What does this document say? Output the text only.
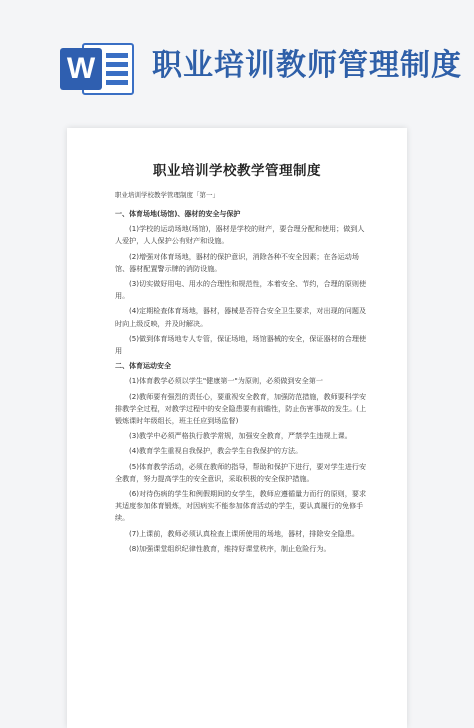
W 职业培训教师管理制度
职业培训学校教学管理制度
职业培训学校教学管理制度「第一」
一、体育场地(场馆)、器材的安全与保护

(1)学校的运动场地(场馆)，器材是学校的财产，要合理分配和使用；做到人人爱护，人人保护公有财产和设施。

(2)增强对体育场地，器材的保护意识，消除各种不安全因素；在各运动场馆、器材配置警示牌的消防设施。

(3)切实做好用电、用水的合理性和规范性，本着安全、节约，合理的原则使用。

(4)定期检查体育场地，器材，器械是否符合安全卫生要求，对出现的问题及时向上级反映，并及时解决。

(5)做到体育场地专人专管，保证场地，场馆器械的安全，保证器材的合理使用

二、体育运动安全

(1)体育教学必须以学生"健康第一"为原则，必须做到安全第一

(2)教师要有强烈的责任心，要重视安全教育，加强防范措施，教师要科学安排教学全过程，对教学过程中的安全隐患要有前瞻性，防止伤害事故的发生。(上锻炼课时年级组长，班主任应到场监督)

(3)教学中必须严格执行教学常规，加强安全教育，严禁学生违规上课。

(4)教育学生重视自我保护，教会学生自我保护的方法。

(5)体育教学活动，必须在教师的指导，帮助和保护下进行，要对学生进行安全教育，努力提高学生的安全意识，采取积极的安全保护措施。

(6)对待伤病的学生和例假期间的女学生，教师应遵循量力而行的原则，要求其适度参加体育锻炼，对因病实不能参加体育活动的学生，要认真履行的免修手续。

(7)上课前，教师必须认真检查上课所使用的场地，器材，排除安全隐患。

(8)加强课堂组织纪律性教育，维持好课堂秩序，制止危险行为。
